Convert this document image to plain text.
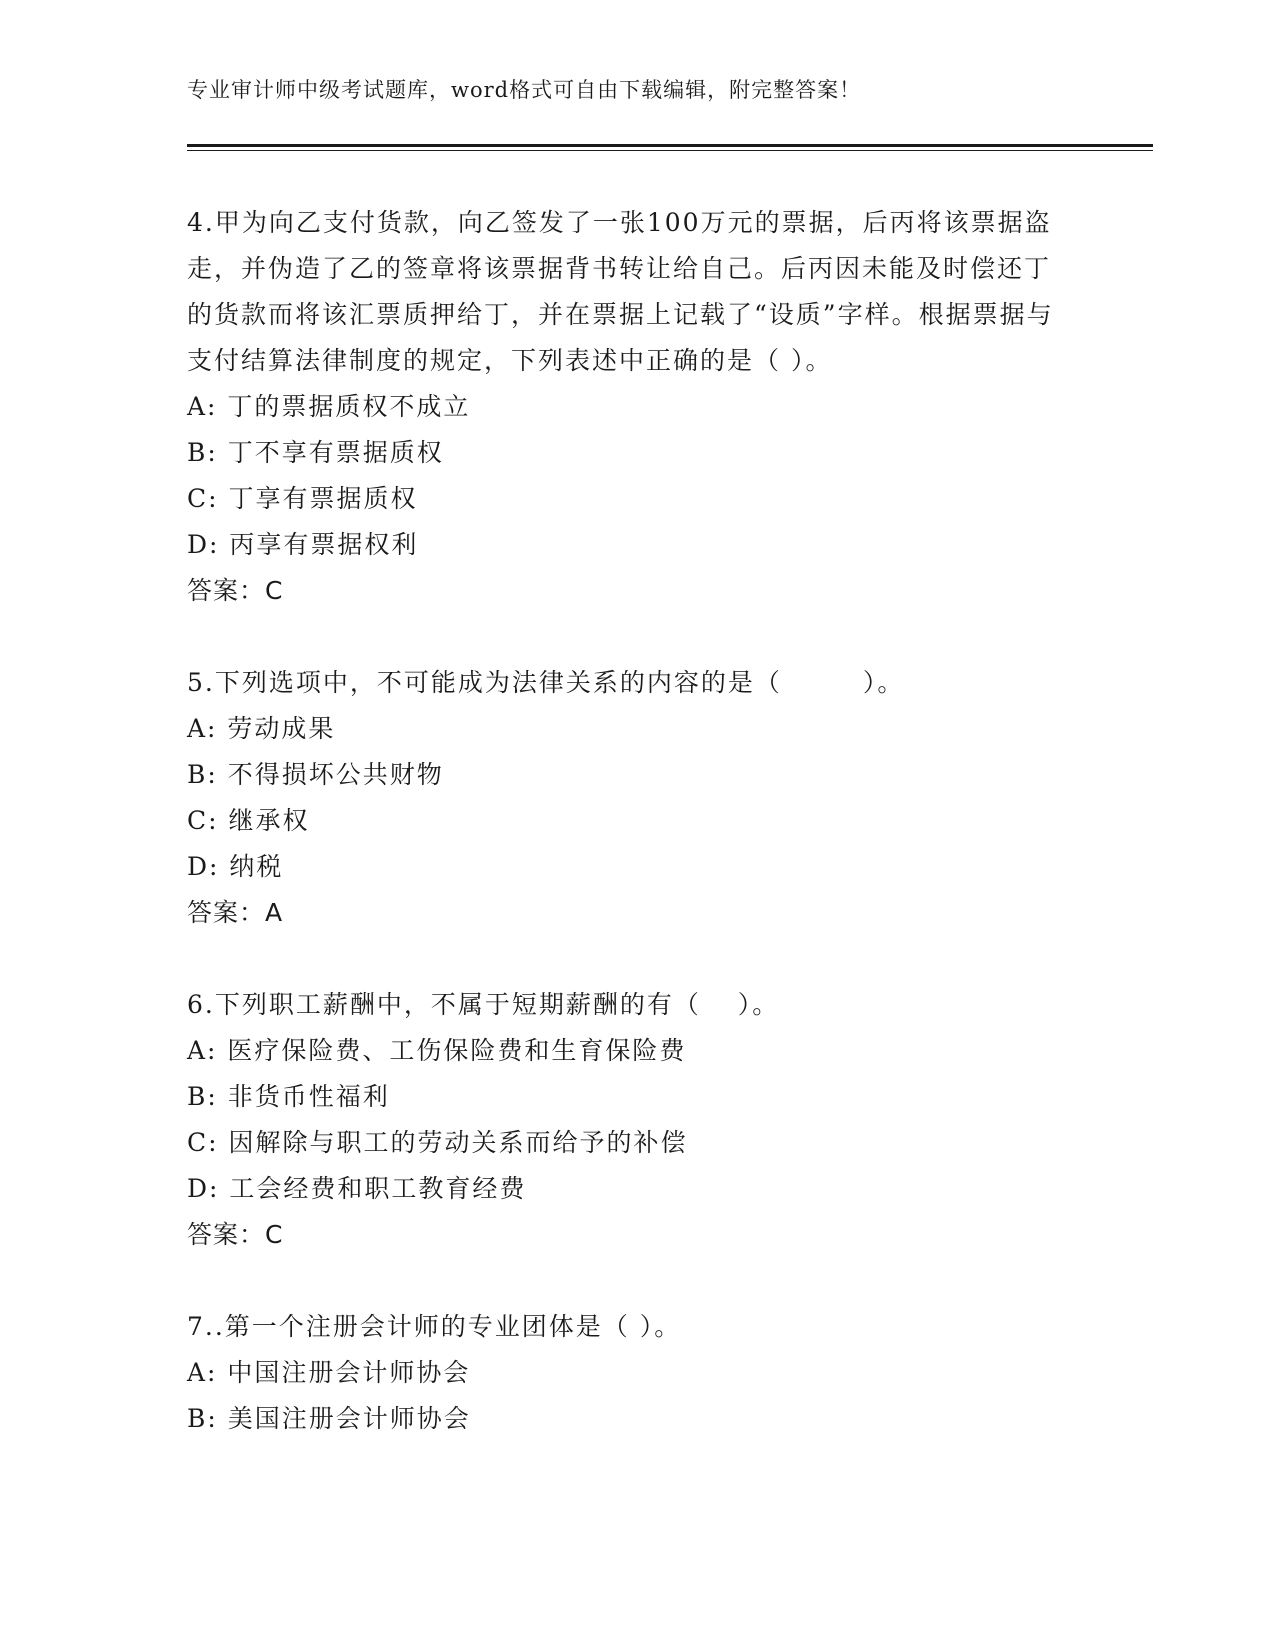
专业审计师中级考试题库，word格式可自由下载编辑，附完整答案！

4.甲为向乙支付货款，向乙签发了一张100万元的票据，后丙将该票据盗走，并伪造了乙的签章将该票据背书转让给自己。后丙因未能及时偿还丁的货款而将该汇票质押给丁，并在票据上记载了“设质”字样。根据票据与支付结算法律制度的规定，下列表述中正确的是（ ）。

A: 丁的票据质权不成立

B: 丁不享有票据质权

C: 丁享有票据质权

D: 丙享有票据权利

答案：C

5.下列选项中，不可能成为法律关系的内容的是（　　　）。

A: 劳动成果

B: 不得损坏公共财物

C: 继承权

D: 纳税

答案：A

6.下列职工薪酬中，不属于短期薪酬的有（　 ）。

A: 医疗保险费、工伤保险费和生育保险费

B: 非货币性福利

C: 因解除与职工的劳动关系而给予的补偿

D: 工会经费和职工教育经费

答案：C

7..第一个注册会计师的专业团体是（ ）。

A: 中国注册会计师协会

B: 美国注册会计师协会
